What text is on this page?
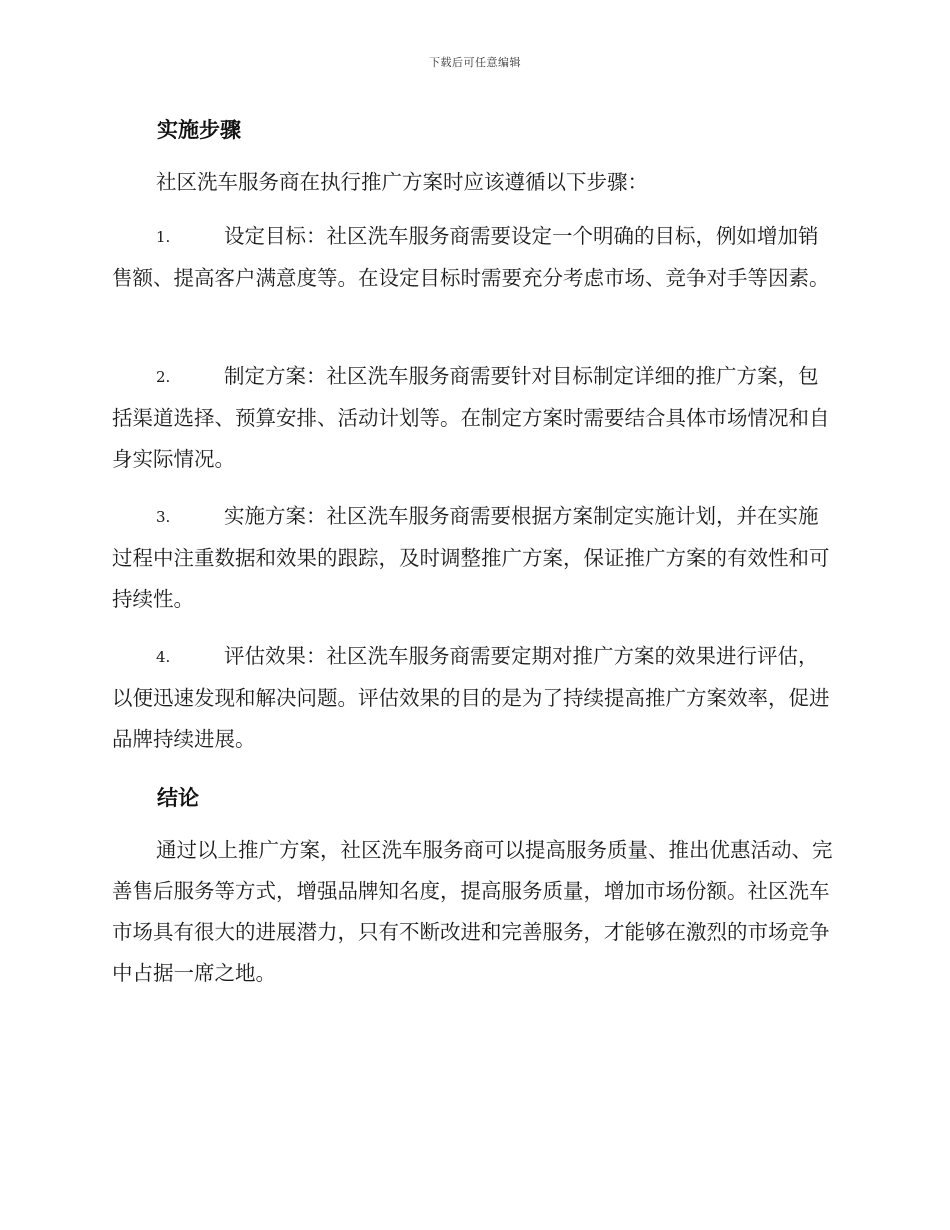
下载后可任意编辑
实施步骤
社区洗车服务商在执行推广方案时应该遵循以下步骤：
1.	设定目标：社区洗车服务商需要设定一个明确的目标，例如增加销售额、提高客户满意度等。在设定目标时需要充分考虑市场、竞争对手等因素。
2.	制定方案：社区洗车服务商需要针对目标制定详细的推广方案，包括渠道选择、预算安排、活动计划等。在制定方案时需要结合具体市场情况和自身实际情况。
3.	实施方案：社区洗车服务商需要根据方案制定实施计划，并在实施过程中注重数据和效果的跟踪，及时调整推广方案，保证推广方案的有效性和可持续性。
4.	评估效果：社区洗车服务商需要定期对推广方案的效果进行评估，以便迅速发现和解决问题。评估效果的目的是为了持续提高推广方案效率，促进品牌持续进展。
结论
通过以上推广方案，社区洗车服务商可以提高服务质量、推出优惠活动、完善售后服务等方式，增强品牌知名度，提高服务质量，增加市场份额。社区洗车市场具有很大的进展潜力，只有不断改进和完善服务，才能够在激烈的市场竞争中占据一席之地。
